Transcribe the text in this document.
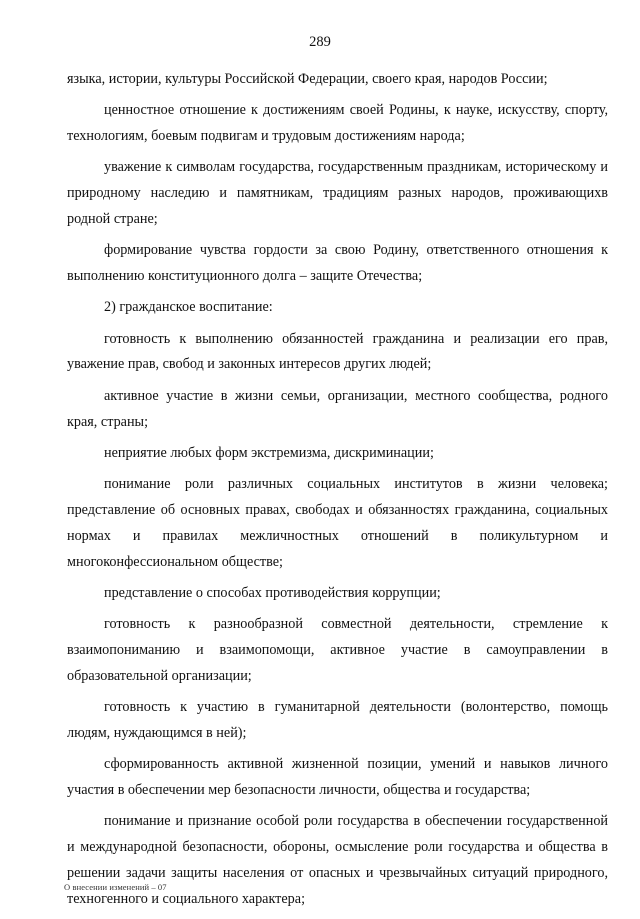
289

языка, истории, культуры Российской Федерации, своего края, народов России;

ценностное отношение к достижениям своей Родины, к науке, искусству, спорту, технологиям, боевым подвигам и трудовым достижениям народа;

уважение к символам государства, государственным праздникам, историческому и природному наследию и памятникам, традициям разных народов, проживающихв родной стране;

формирование чувства гордости за свою Родину, ответственного отношения к выполнению конституционного долга – защите Отечества;

2) гражданское воспитание:

готовность к выполнению обязанностей гражданина и реализации его прав, уважение прав, свобод и законных интересов других людей;

активное участие в жизни семьи, организации, местного сообщества, родного края, страны;

неприятие любых форм экстремизма, дискриминации;

понимание роли различных социальных институтов в жизни человека; представление об основных правах, свободах и обязанностях гражданина, социальных нормах и правилах межличностных отношений в поликультурном и многоконфессиональном обществе;

представление о способах противодействия коррупции;

готовность к разнообразной совместной деятельности, стремление к взаимопониманию и взаимопомощи, активное участие в самоуправлении в образовательной организации;

готовность к участию в гуманитарной деятельности (волонтерство, помощь людям, нуждающимся в ней);

сформированность активной жизненной позиции, умений и навыков личного участия в обеспечении мер безопасности личности, общества и государства;

понимание и признание особой роли государства в обеспечении государственной и международной безопасности, обороны, осмысление роли государства и общества в решении задачи защиты населения от опасных и чрезвычайных ситуаций природного, техногенного и социального характера;

О внесении изменений – 07
